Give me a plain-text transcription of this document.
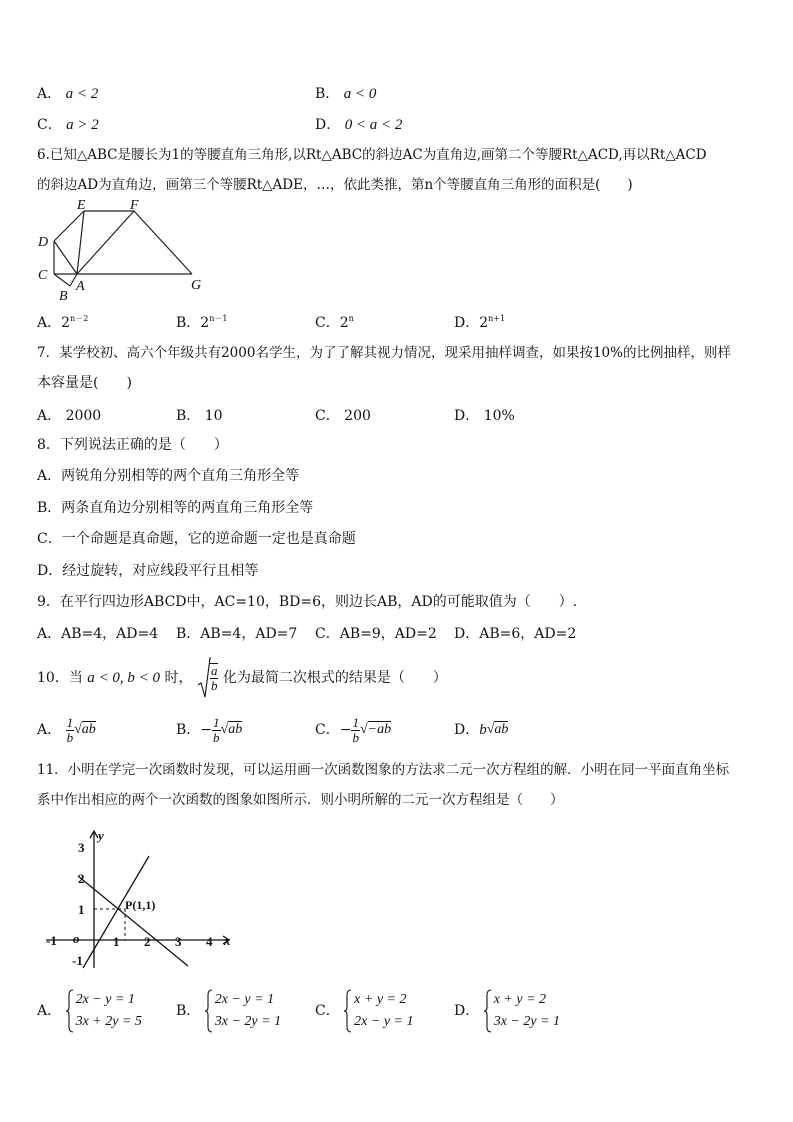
A． a < 2	B． a < 0
C． a > 2	D． 0 < a < 2
6.已知△ABC是腰长为1的等腰直角三角形,以Rt△ABC的斜边AC为直角边,画第二个等腰Rt△ACD,再以Rt△ACD
的斜边AD为直角边，画第三个等腰Rt△ADE，…，依此类推，第n个等腰直角三角形的面积是(　　)
D
E	F
C
A
B
G
A．$2^{n-2}$	B．$2^{n-1}$	C．2$^n$	D．$2^{n+1}$
7．某学校初、高六个年级共有2000名学生，为了了解其视力情况，现采用抽样调查，如果按10%的比例抽样，则样
本容量是(　　)
A． 2000	B． 10	C． 200	D． 10%
8．下列说法正确的是（　　）
A．两锐角分别相等的两个直角三角形全等
B．两条直角边分别相等的两直角三角形全等
C．一个命题是真命题，它的逆命题一定也是真命题
D．经过旋转，对应线段平行且相等
9．在平行四边形ABCD中，AC=10，BD=6，则边长AB，AD的可能取值为（　　）.
A．AB=4，AD=4 B．AB=4，AD=7 C．AB=9，AD=2 D．AB=6，AD=2
10．当 a < 0, b < 0 时， $\frac{a}{b}$ 化为最简二次根式的结果是（　　）
A． $\frac{1}{b} √ab$	B．− $\frac{1}{b} √ab$	C．− $\frac{1}{b} √-ab$	D．b√ab
11．小明在学完一次函数时发现，可以运用画一次函数图象的方法求二元一次方程组的解．小明在同一平面直角坐标
系中作出相应的两个一次函数的图象如图所示．则小明所解的二元一次方程组是（　　）
x
y
o
-1	1 2 3 4
3
2
1
-1
P(1,1)
A．
2x − y = 1
3x + 2y = 5
B．
2x − y = 1
3x − 2y = 1
C．
x + y = 2
2x − y = 1
D．
x + y = 2
3x − 2y = 1
